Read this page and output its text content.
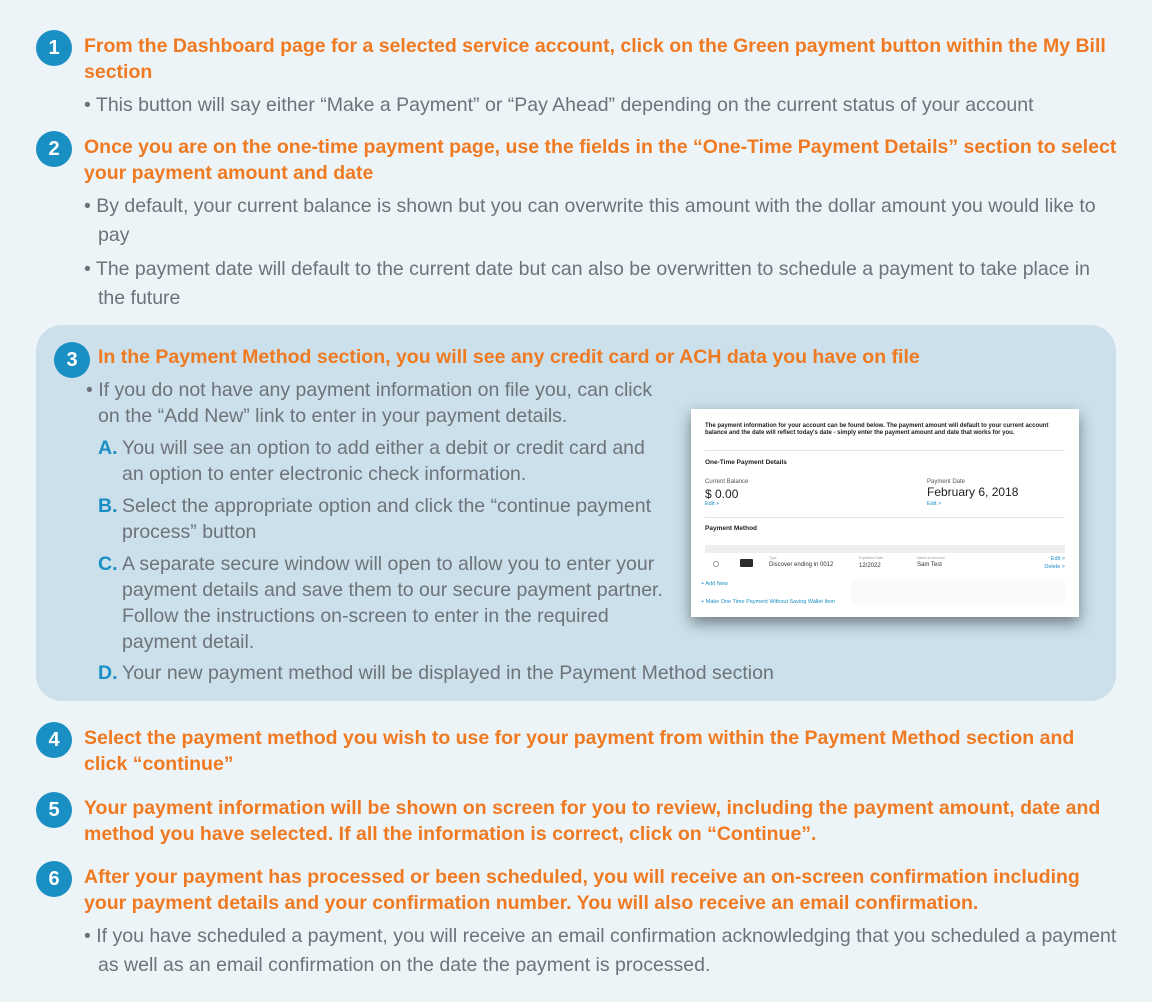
1	From the Dashboard page for a selected service account, click on the Green payment button within the My Bill section
• This button will say either “Make a Payment” or “Pay Ahead” depending on the current status of your account
2	Once you are on the one-time payment page, use the fields in the “One-Time Payment Details” section to select your payment amount and date
• By default, your current balance is shown but you can overwrite this amount with the dollar amount you would like to pay
• The payment date will default to the current date but can also be overwritten to schedule a payment to take place in the future
3	In the Payment Method section, you will see any credit card or ACH data you have on file
• If you do not have any payment information on file you, can click on the “Add New” link to enter in your payment details.
A. You will see an option to add either a debit or credit card and an option to enter electronic check information.
B. Select the appropriate option and click the “continue payment process” button
C. A separate secure window will open to allow you to enter your payment details and save them to our secure payment partner. Follow the instructions on-screen to enter in the required payment detail.
D. Your new payment method will be displayed in the Payment Method section
The payment information for your account can be found below. The payment amount will default to your current account balance and the date will reflect today's date - simply enter the payment amount and date that works for you.
One-Time Payment Details
Current Balance
$ 0.00
Edit >
Payment Date
February 6, 2018
Edit >
Payment Method
Type	Expiration Date	Name on Account
Discover ending in 0012	12/2022	Sam Test
Edit >
Delete >
+ Add New
+ Make One Time Payment Without Saving Wallet Item
4	Select the payment method you wish to use for your payment from within the Payment Method section and click “continue”
5	Your payment information will be shown on screen for you to review, including the payment amount, date and method you have selected. If all the information is correct, click on “Continue”.
6	After your payment has processed or been scheduled, you will receive an on-screen confirmation including your payment details and your confirmation number. You will also receive an email confirmation.
• If you have scheduled a payment, you will receive an email confirmation acknowledging that you scheduled a payment as well as an email confirmation on the date the payment is processed.
